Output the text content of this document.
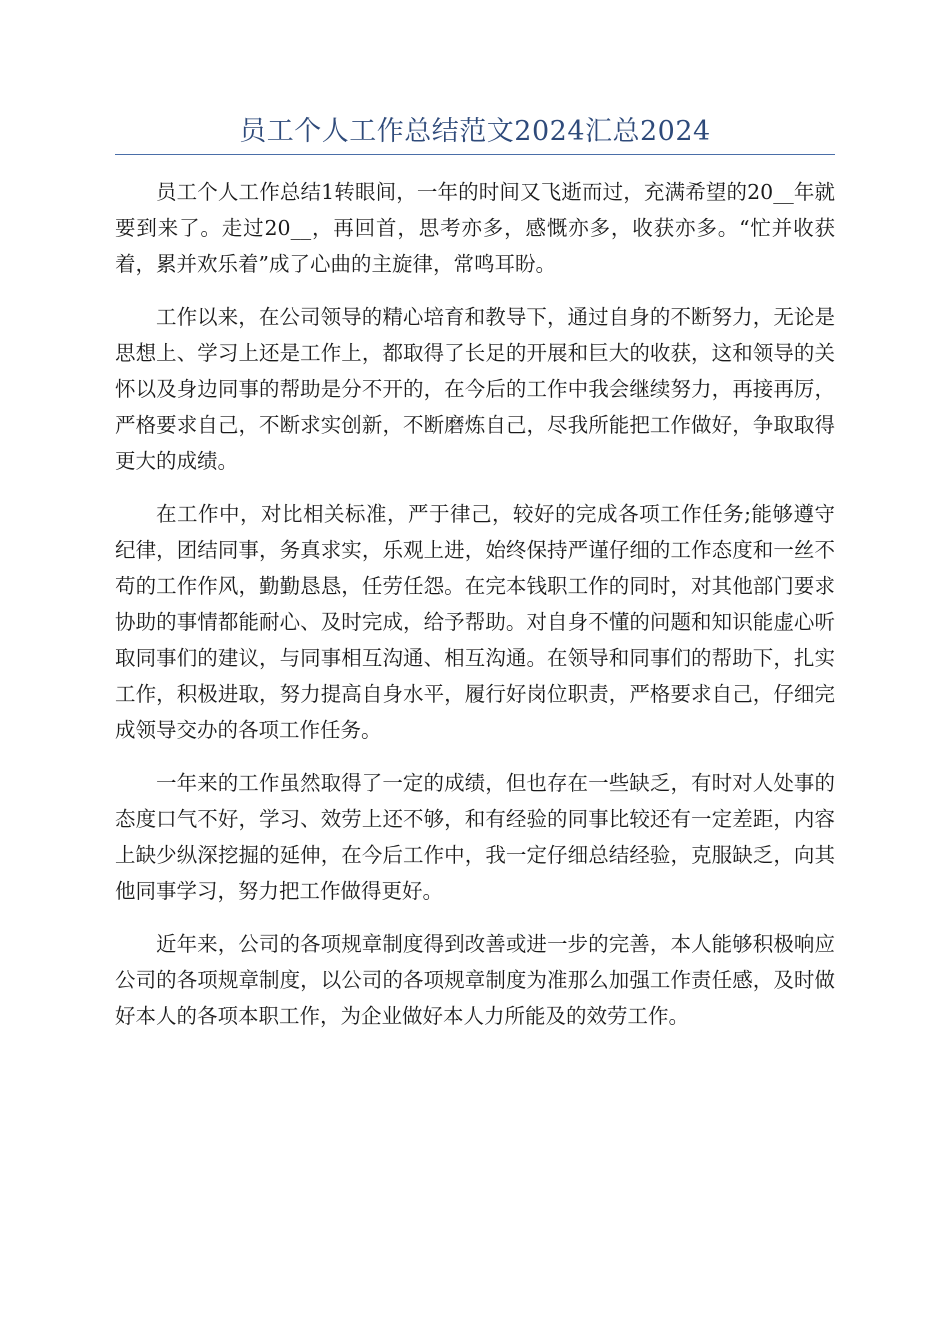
员工个人工作总结范文2024汇总2024

员工个人工作总结1转眼间，一年的时间又飞逝而过，充满希望的20__年就要到来了。走过20__，再回首，思考亦多，感慨亦多，收获亦多。“忙并收获着，累并欢乐着”成了心曲的主旋律，常鸣耳盼。

工作以来，在公司领导的精心培育和教导下，通过自身的不断努力，无论是思想上、学习上还是工作上，都取得了长足的开展和巨大的收获，这和领导的关怀以及身边同事的帮助是分不开的，在今后的工作中我会继续努力，再接再厉，严格要求自己，不断求实创新，不断磨炼自己，尽我所能把工作做好，争取取得更大的成绩。

在工作中，对比相关标准，严于律己，较好的完成各项工作任务;能够遵守纪律，团结同事，务真求实，乐观上进，始终保持严谨仔细的工作态度和一丝不苟的工作作风，勤勤恳恳，任劳任怨。在完本钱职工作的同时，对其他部门要求协助的事情都能耐心、及时完成，给予帮助。对自身不懂的问题和知识能虚心听取同事们的建议，与同事相互沟通、相互沟通。在领导和同事们的帮助下，扎实工作，积极进取，努力提高自身水平，履行好岗位职责，严格要求自己，仔细完成领导交办的各项工作任务。

一年来的工作虽然取得了一定的成绩，但也存在一些缺乏，有时对人处事的态度口气不好，学习、效劳上还不够，和有经验的同事比较还有一定差距，内容上缺少纵深挖掘的延伸，在今后工作中，我一定仔细总结经验，克服缺乏，向其他同事学习，努力把工作做得更好。

近年来，公司的各项规章制度得到改善或进一步的完善，本人能够积极响应公司的各项规章制度，以公司的各项规章制度为准那么加强工作责任感，及时做好本人的各项本职工作，为企业做好本人力所能及的效劳工作。
